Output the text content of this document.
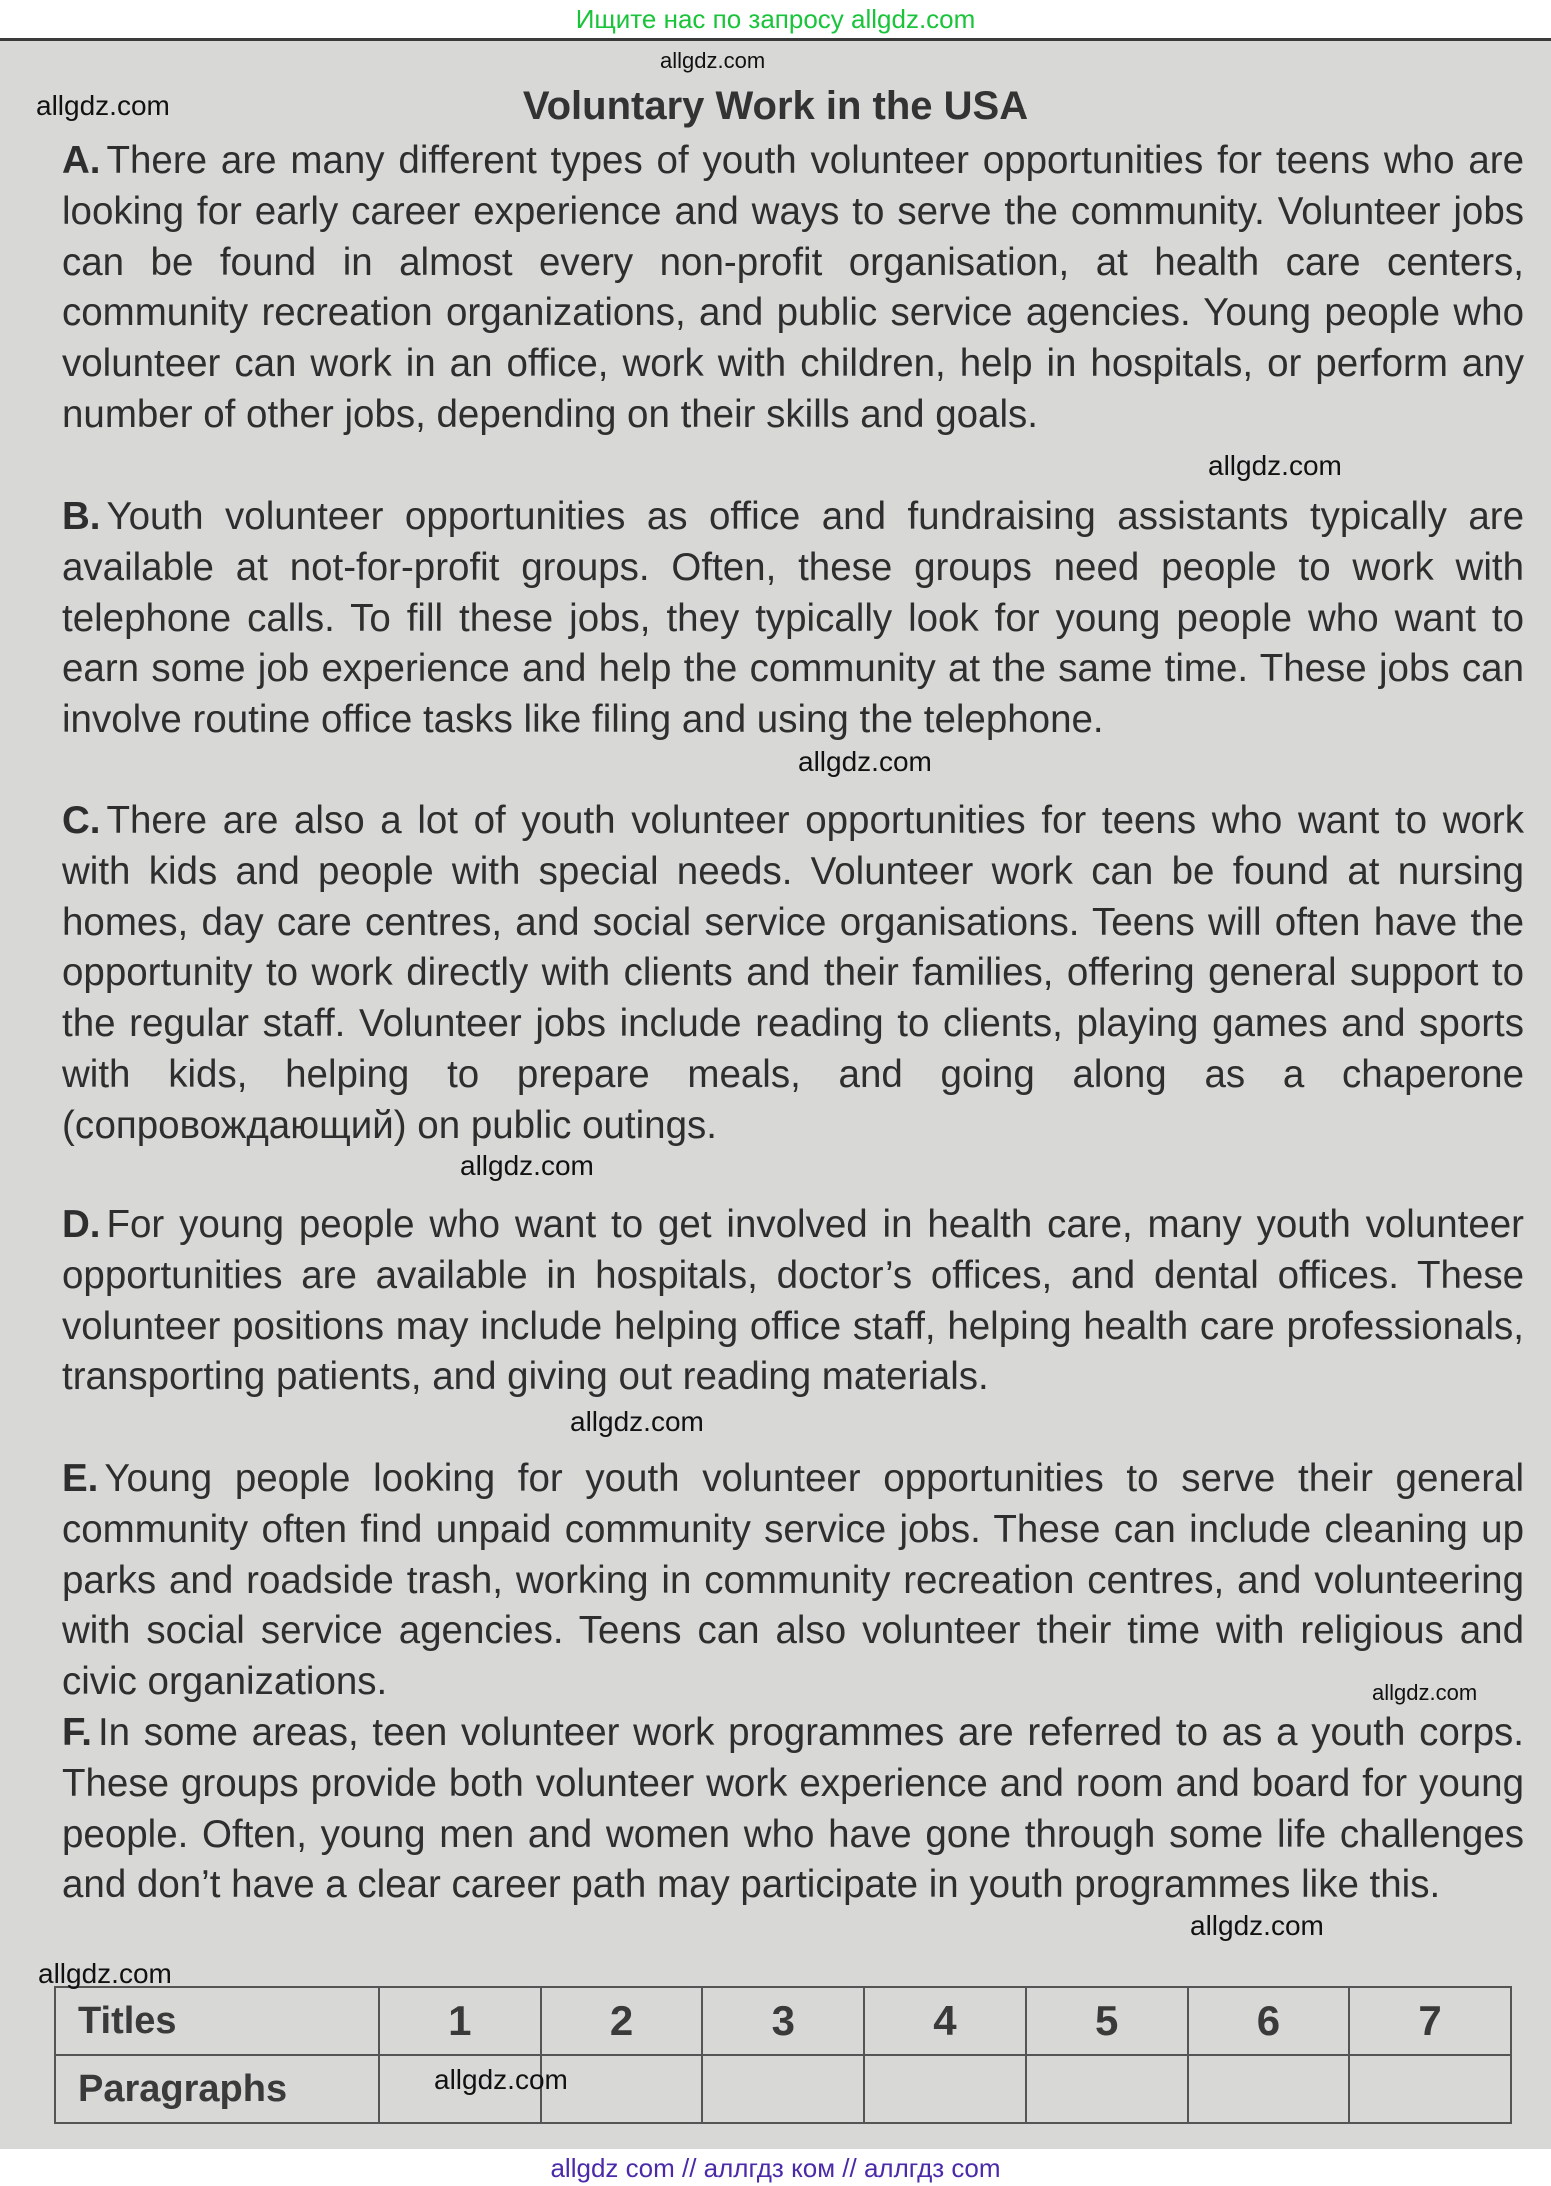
Ищите нас по запросу allgdz.com
Voluntary Work in the USA
A. There are many different types of youth volunteer opportunities for teens who are looking for early career experience and ways to serve the community. Volunteer jobs can be found in almost every non-profit organisation, at health care centers, community recreation organizations, and public service agencies. Young people who volunteer can work in an office, work with children, help in hospitals, or perform any number of other jobs, depending on their skills and goals.
B. Youth volunteer opportunities as office and fundraising assistants typically are available at not-for-profit groups. Often, these groups need people to work with telephone calls. To fill these jobs, they typically look for young people who want to earn some job experience and help the community at the same time. These jobs can involve routine office tasks like filing and using the telephone.
C. There are also a lot of youth volunteer opportunities for teens who want to work with kids and people with special needs. Volunteer work can be found at nursing homes, day care centres, and social service organisations. Teens will often have the opportunity to work directly with clients and their families, offering general support to the regular staff. Volunteer jobs include reading to clients, playing games and sports with kids, helping to prepare meals, and going along as a chaperone (сопровождающий) on public outings.
D. For young people who want to get involved in health care, many youth volunteer opportunities are available in hospitals, doctor’s offices, and dental offices. These volunteer positions may include helping office staff, helping health care professionals, transporting patients, and giving out reading materials.
E. Young people looking for youth volunteer opportunities to serve their general community often find unpaid community service jobs. These can include cleaning up parks and roadside trash, working in community recreation centres, and volunteering with social service agencies. Teens can also volunteer their time with religious and civic organizations.
F. In some areas, teen volunteer work programmes are referred to as a youth corps. These groups provide both volunteer work experience and room and board for young people. Often, young men and women who have gone through some life challenges and don’t have a clear career path may participate in youth programmes like this.
Titles	1	2	3	4	5	6	7
Paragraphs							
allgdz.com
allgdz.com
allgdz.com
allgdz.com
allgdz.com
allgdz.com
allgdz.com
allgdz.com
allgdz.com
allgdz.com
allgdz com // аллгдз ком // аллгдз com
